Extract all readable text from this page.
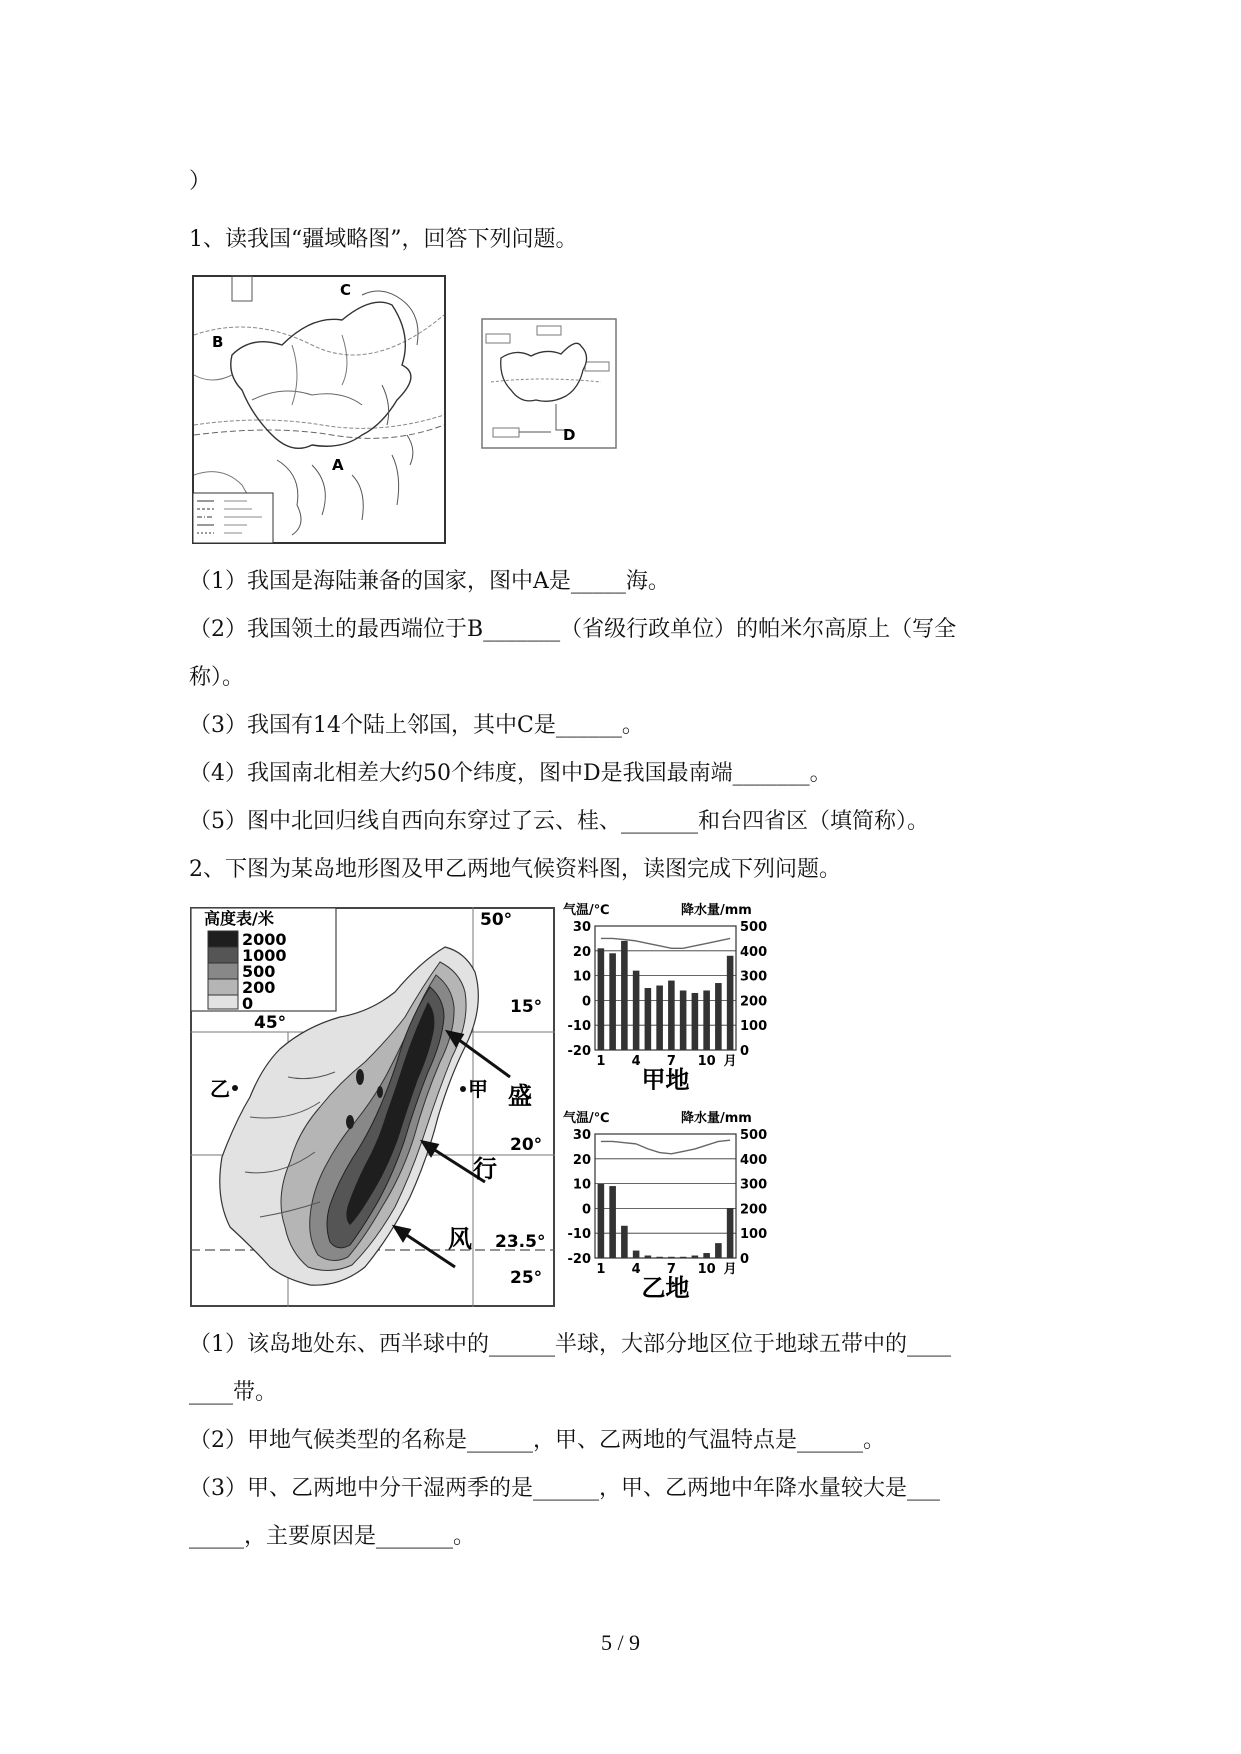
）
1、读我国“疆域略图”，回答下列问题。
（1）我国是海陆兼备的国家，图中A是_____海。
（2）我国领土的最西端位于B_______（省级行政单位）的帕米尔高原上（写全
称）。
（3）我国有14个陆上邻国，其中C是______。
（4）我国南北相差大约50个纬度，图中D是我国最南端_______。
（5）图中北回归线自西向东穿过了云、桂、_______和台四省区（填简称）。
2、下图为某岛地形图及甲乙两地气候资料图，读图完成下列问题。
（1）该岛地处东、西半球中的______半球，大部分地区位于地球五带中的____
____带。
（2）甲地气候类型的名称是______，甲、乙两地的气温特点是______。
（3）甲、乙两地中分干湿两季的是______，甲、乙两地中年降水量较大是___
_____，主要原因是_______。
B
C
A
D
高度表/米
2000
1000
500
200
0
50°
45°
15°
20°
23.5°
25°
甲
乙	盛
行
风
气温/℃	降水量/mm
30	500
20	400
10	300
0	200
-10	100
-20	0
1 4 7 10 月
甲地
气温/℃	降水量/mm
30	500
20	400
10	300
0	200
-10	100
-20	0
1 4 7 10 月
乙地
5 / 9
